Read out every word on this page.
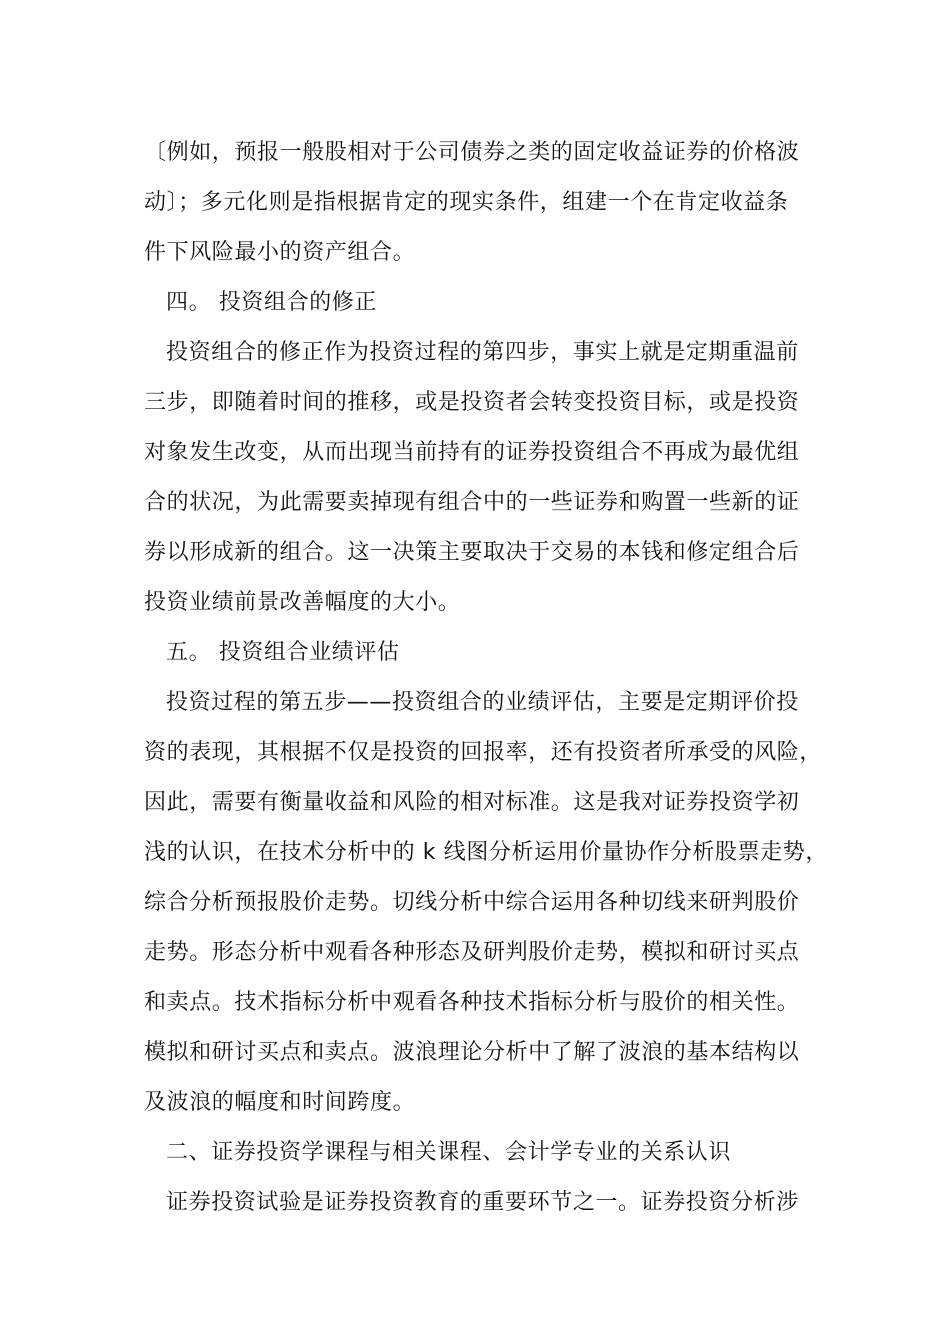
〔例如，预报一般股相对于公司债券之类的固定收益证券的价格波
动〕；多元化则是指根据肯定的现实条件，组建一个在肯定收益条
件下风险最小的资产组合。
四。 投资组合的修正
投资组合的修正作为投资过程的第四步，事实上就是定期重温前
三步，即随着时间的推移，或是投资者会转变投资目标，或是投资
对象发生改变，从而出现当前持有的证券投资组合不再成为最优组
合的状况，为此需要卖掉现有组合中的一些证券和购置一些新的证
券以形成新的组合。这一决策主要取决于交易的本钱和修定组合后
投资业绩前景改善幅度的大小。
五。 投资组合业绩评估
投资过程的第五步——投资组合的业绩评估，主要是定期评价投
资的表现，其根据不仅是投资的回报率，还有投资者所承受的风险，
因此，需要有衡量收益和风险的相对标准。这是我对证券投资学初
浅的认识，在技术分析中的 k 线图分析运用价量协作分析股票走势，
综合分析预报股价走势。切线分析中综合运用各种切线来研判股价
走势。形态分析中观看各种形态及研判股价走势，模拟和研讨买点
和卖点。技术指标分析中观看各种技术指标分析与股价的相关性。
模拟和研讨买点和卖点。波浪理论分析中了解了波浪的基本结构以
及波浪的幅度和时间跨度。
二、证券投资学课程与相关课程、会计学专业的关系认识
证券投资试验是证券投资教育的重要环节之一。证券投资分析涉
